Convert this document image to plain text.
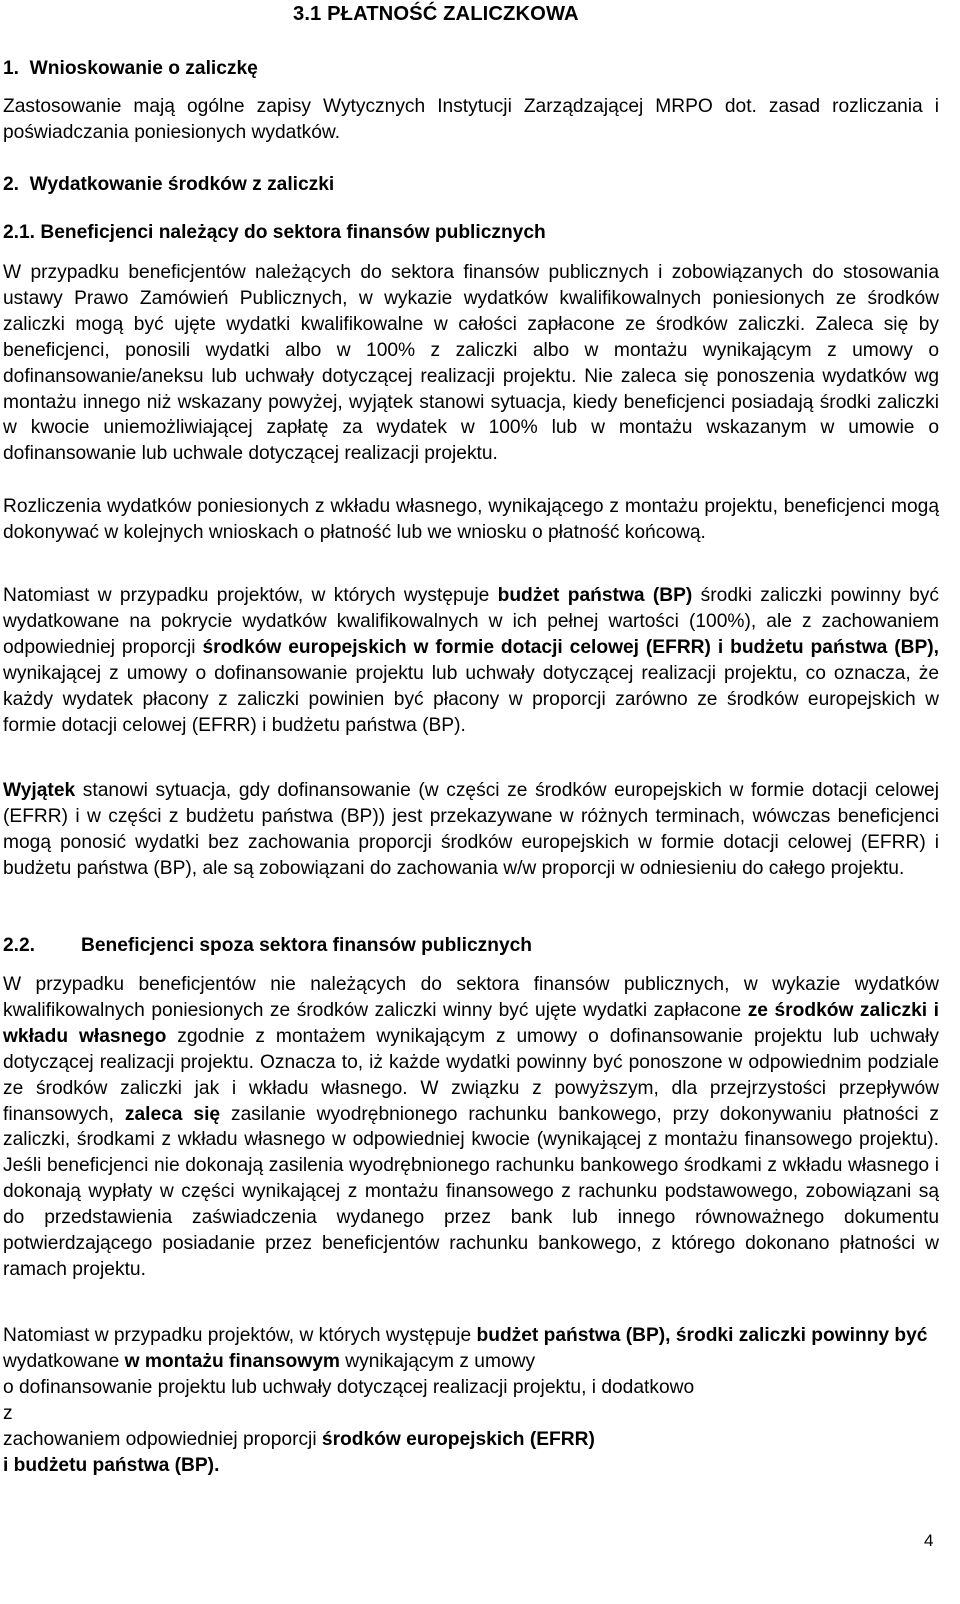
3.1 PŁATNOŚĆ ZALICZKOWA
1.  Wnioskowanie o zaliczkę

Zastosowanie mają ogólne zapisy Wytycznych Instytucji Zarządzającej MRPO dot. zasad rozliczania i poświadczania poniesionych wydatków.

2.  Wydatkowanie środków z zaliczki
2.1. Beneficjenci należący do sektora finansów publicznych

W przypadku beneficjentów należących do sektora finansów publicznych i zobowiązanych do stosowania ustawy Prawo Zamówień Publicznych, w wykazie wydatków kwalifikowalnych poniesionych ze środków zaliczki mogą być ujęte wydatki kwalifikowalne w całości zapłacone ze środków zaliczki. Zaleca się by beneficjenci, ponosili wydatki albo w 100% z zaliczki albo w montażu wynikającym z umowy o dofinansowanie/aneksu lub uchwały dotyczącej realizacji projektu. Nie zaleca się ponoszenia wydatków wg montażu innego niż wskazany powyżej, wyjątek stanowi sytuacja, kiedy beneficjenci posiadają środki zaliczki w kwocie uniemożliwiającej zapłatę za wydatek w 100% lub w montażu wskazanym w umowie o dofinansowanie lub uchwale dotyczącej realizacji projektu.

Rozliczenia wydatków poniesionych z wkładu własnego, wynikającego z montażu projektu, beneficjenci mogą dokonywać w kolejnych wnioskach o płatność lub we wniosku o płatność końcową.

Natomiast w przypadku projektów, w których występuje budżet państwa (BP) środki zaliczki powinny być wydatkowane na pokrycie wydatków kwalifikowalnych w ich pełnej wartości (100%), ale z zachowaniem odpowiedniej proporcji środków europejskich w formie dotacji celowej (EFRR) i budżetu państwa (BP), wynikającej z umowy o dofinansowanie projektu lub uchwały dotyczącej realizacji projektu, co oznacza, że każdy wydatek płacony z zaliczki powinien być płacony w proporcji zarówno ze środków europejskich w formie dotacji celowej (EFRR) i budżetu państwa (BP).

Wyjątek stanowi sytuacja, gdy dofinansowanie (w części ze środków europejskich w formie dotacji celowej (EFRR) i w części z budżetu państwa (BP)) jest przekazywane w różnych terminach, wówczas beneficjenci mogą ponosić wydatki bez zachowania proporcji środków europejskich w formie dotacji celowej (EFRR) i budżetu państwa (BP), ale są zobowiązani do zachowania w/w proporcji w odniesieniu do całego projektu.

2.2. Beneficjenci spoza sektora finansów publicznych

W przypadku beneficjentów nie należących do sektora finansów publicznych, w wykazie wydatków kwalifikowalnych poniesionych ze środków zaliczki winny być ujęte wydatki zapłacone ze środków zaliczki i wkładu własnego zgodnie z montażem wynikającym z umowy o dofinansowanie projektu lub uchwały dotyczącej realizacji projektu. Oznacza to, iż każde wydatki powinny być ponoszone w odpowiednim podziale ze środków zaliczki jak i wkładu własnego. W związku z powyższym, dla przejrzystości przepływów finansowych, zaleca się zasilanie wyodrębnionego rachunku bankowego, przy dokonywaniu płatności z zaliczki, środkami z wkładu własnego w odpowiedniej kwocie (wynikającej z montażu finansowego projektu). Jeśli beneficjenci nie dokonają zasilenia wyodrębnionego rachunku bankowego środkami z wkładu własnego i dokonają wypłaty w części wynikającej z montażu finansowego z rachunku podstawowego, zobowiązani są do przedstawienia zaświadczenia wydanego przez bank lub innego równoważnego dokumentu potwierdzającego posiadanie przez beneficjentów rachunku bankowego, z którego dokonano płatności w ramach projektu.

Natomiast w przypadku projektów, w których występuje budżet państwa (BP), środki zaliczki powinny być wydatkowane w montażu finansowym wynikającym z umowy
o dofinansowanie projektu lub uchwały dotyczącej realizacji projektu, i dodatkowo
z
zachowaniem odpowiedniej proporcji środków europejskich (EFRR)
i budżetu państwa (BP).
4
